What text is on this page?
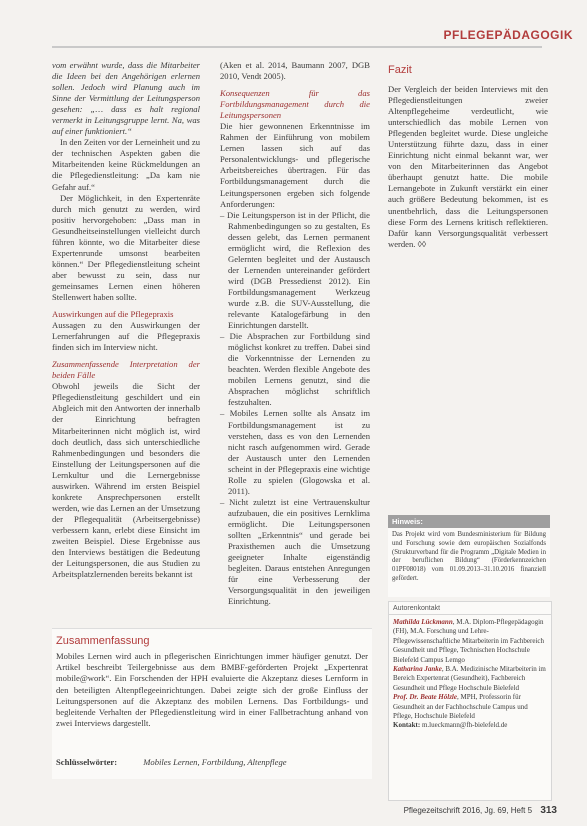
PFLEGEPÄDAGOGIK

vom erwähnt wurde, dass die Mitarbeiter die Ideen bei den Angehörigen erlernen sollen. Jedoch wird Planung auch im Sinne der Vermittlung der Leitungsperson gesehen: „… dass es halt regional vermerkt in Leitungsgruppe lernt. Na, was auf einer funktioniert.“

In den Zeiten vor der Lerneinheit und zu der technischen Aspekten gaben die Mitarbeitenden keine Rückmeldungen an die Pflegedienstleitung: „Da kam nie Gefahr auf.“

Der Möglichkeit, in den Expertenräte durch mich genutzt zu werden, wird positiv hervorgehoben: „Dass man in Gesundheitseinstellungen vielleicht durch führen könnte, wo die Mitarbeiter diese Expertenrunde umsonst bearbeiten können.“ Der Pflegedienstleitung scheint aber bewusst zu sein, dass nur gemeinsames Lernen einen höheren Stellenwert haben sollte.

Auswirkungen auf die Pflegepraxis

Aussagen zu den Auswirkungen der Lernerfahrungen auf die Pflegepraxis finden sich im Interview nicht.

Zusammenfassende Interpretation der beiden Fälle

Obwohl jeweils die Sicht der Pflegedienstleitung geschildert und ein Abgleich mit den Antworten der innerhalb der Einrichtung befragten Mitarbeiterinnen nicht möglich ist, wird doch deutlich, dass sich unterschiedliche Rahmenbedingungen und besonders die Einstellung der Leitungspersonen auf die Lernkultur und die Lernergebnisse auswirken. Während im ersten Beispiel konkrete Ansprechpersonen erstellt werden, wie das Lernen an der Umsetzung der Pflegequalität (Arbeitsergebnisse) verbessern kann, erlebt diese Einsicht im zweiten Beispiel. Diese Ergebnisse aus den Interviews bestätigen die Bedeutung der Leitungspersonen, die aus Studien zu Arbeitsplatzlernenden bereits bekannt ist

(Aken et al. 2014, Baumann 2007, DGB 2010, Vendt 2005).

Konsequenzen für das Fortbildungsmanagement durch die Leitungspersonen

Die hier gewonnenen Erkenntnisse im Rahmen der Einführung von mobilem Lernen lassen sich auf das Personalentwicklungs- und pflegerische Arbeitsbereiches übertragen. Für das Fortbildungsmanagement durch die Leitungspersonen ergeben sich folgende Anforderungen:

– Die Leitungsperson ist in der Pflicht, die Rahmenbedingungen so zu gestalten, Es dessen gelebt, das Lernen permanent ermöglicht wird, die Reflexion des Gelernten begleitet und der Austausch der Lernenden untereinander gefördert wird (DGB Pressedienst 2012). Ein Fortbildungsmanagement Werkzeug wurde z.B. die SUV-Ausstellung, die relevante Katalogefärbung in den Einrichtungen darstellt.
– Die Absprachen zur Fortbildung sind möglichst konkret zu treffen. Dabei sind die Vorkenntnisse der Lernenden zu beachten. Werden flexible Angebote des mobilen Lernens genutzt, sind die Absprachen möglichst schriftlich festzuhalten.
– Mobiles Lernen sollte als Ansatz im Fortbildungsmanagement ist zu verstehen, dass es von den Lernenden nicht rasch aufgenommen wird. Gerade der Austausch unter den Lernenden scheint in der Pflegepraxis eine wichtige Rolle zu spielen (Glogowska et al. 2011).
– Nicht zuletzt ist eine Vertrauenskultur aufzubauen, die ein positives Lernklima ermöglicht. Die Leitungspersonen sollten „Erkenntnis“ und gerade bei Praxisthemen auch die Umsetzung geeigneter Inhalte eigenständig begleiten. Daraus entstehen Anregungen für eine Verbesserung der Versorgungsqualität in den jeweiligen Einrichtung.
Fazit

Der Vergleich der beiden Interviews mit den Pflegedienstleitungen zweier Altenpflegeheime verdeutlicht, wie unterschiedlich das mobile Lernen von Pflegenden begleitet wurde. Diese ungleiche Unterstützung führte dazu, dass in einer Einrichtung nicht einmal bekannt war, wer von den Mitarbeiterinnen das Angebot überhaupt genutzt hatte. Die mobile Lernangebote in Zukunft verstärkt ein einer auch größere Bedeutung bekommen, ist es unentbehrlich, dass die Leitungspersonen diese Form des Lernens kritisch reflektieren. Dafür kann Versorgungsqualität verbessert werden. ◊◊

Zusammenfassung
Mobiles Lernen wird auch in pflegerischen Einrichtungen immer häufiger genutzt. Der Artikel beschreibt Teilergebnisse aus dem BMBF-geförderten Projekt „Expertenrat mobile@work“. Ein Forschenden der HPH evaluierte die Akzeptanz dieses Lernform in den beteiligten Altenpflegeeinrichtungen. Dabei zeigte sich der große Einfluss der Leitungspersonen auf die Akzeptanz des mobilen Lernens. Das Fortbildungs- und begleitende Verhalten der Pflegedienstleitung wird in einer Fallbetrachtung anhand von zwei Interviews dargestellt.
Schlüsselwörter:	Mobiles Lernen, Fortbildung, Altenpflege
Hinweis:
Das Projekt wird vom Bundesministerium für Bildung und Forschung sowie dem europäischen Sozialfonds (Strukturverband für die Programm „Digitale Medien in der beruflichen Bildung“ (Förderkennzeichen 01PF08018) vom 01.09.2013–31.10.2016 finanziell gefördert.
Autorenkontakt
Mathilda Lückmann, M.A. Diplom-Pflegepädagogin (FH), M.A. Forschung und Lehre-Pflegewissenschaftliche Mitarbeiterin im Fachbereich Gesundheit und Pflege, Technischen Hochschule Bielefeld Campus Lemgo
Katharina Janke, B.A. Medizinische Mitarbeiterin im Bereich Expertenrat (Gesundheit), Fachbereich Gesundheit und Pflege Hochschule Bielefeld
Prof. Dr. Beate Hölzle, MPH, Professorin für Gesundheit an der Fachhochschule Campus und Pflege, Hochschule Bielefeld
Kontakt: m.lueckmann@fh-bielefeld.de
Pflegezeitschrift 2016, Jg. 69, Heft 5 313
